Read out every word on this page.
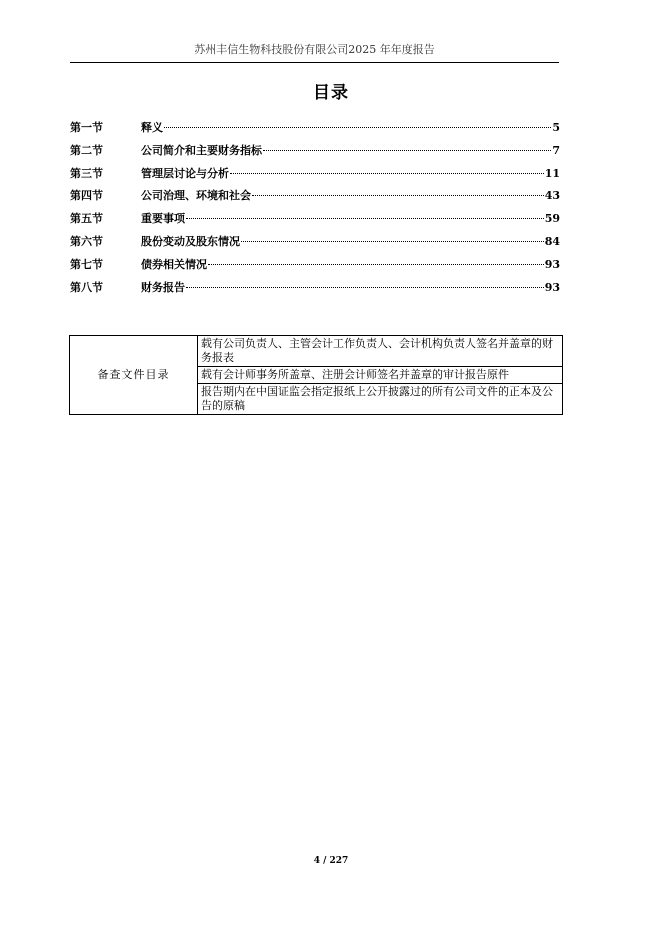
苏州丰信生物科技股份有限公司2025 年年度报告
目录
第一节	释义	5
第二节	公司简介和主要财务指标	7
第三节	管理层讨论与分析	11
第四节	公司治理、环境和社会	43
第五节	重要事项	59
第六节	股份变动及股东情况	84
第七节	债券相关情况	93
第八节	财务报告	93
备查文件目录	载有公司负责人、主管会计工作负责人、会计机构负责人签名并盖章的财务报表
载有会计师事务所盖章、注册会计师签名并盖章的审计报告原件
报告期内在中国证监会指定报纸上公开披露过的所有公司文件的正本及公告的原稿
4 / 227
